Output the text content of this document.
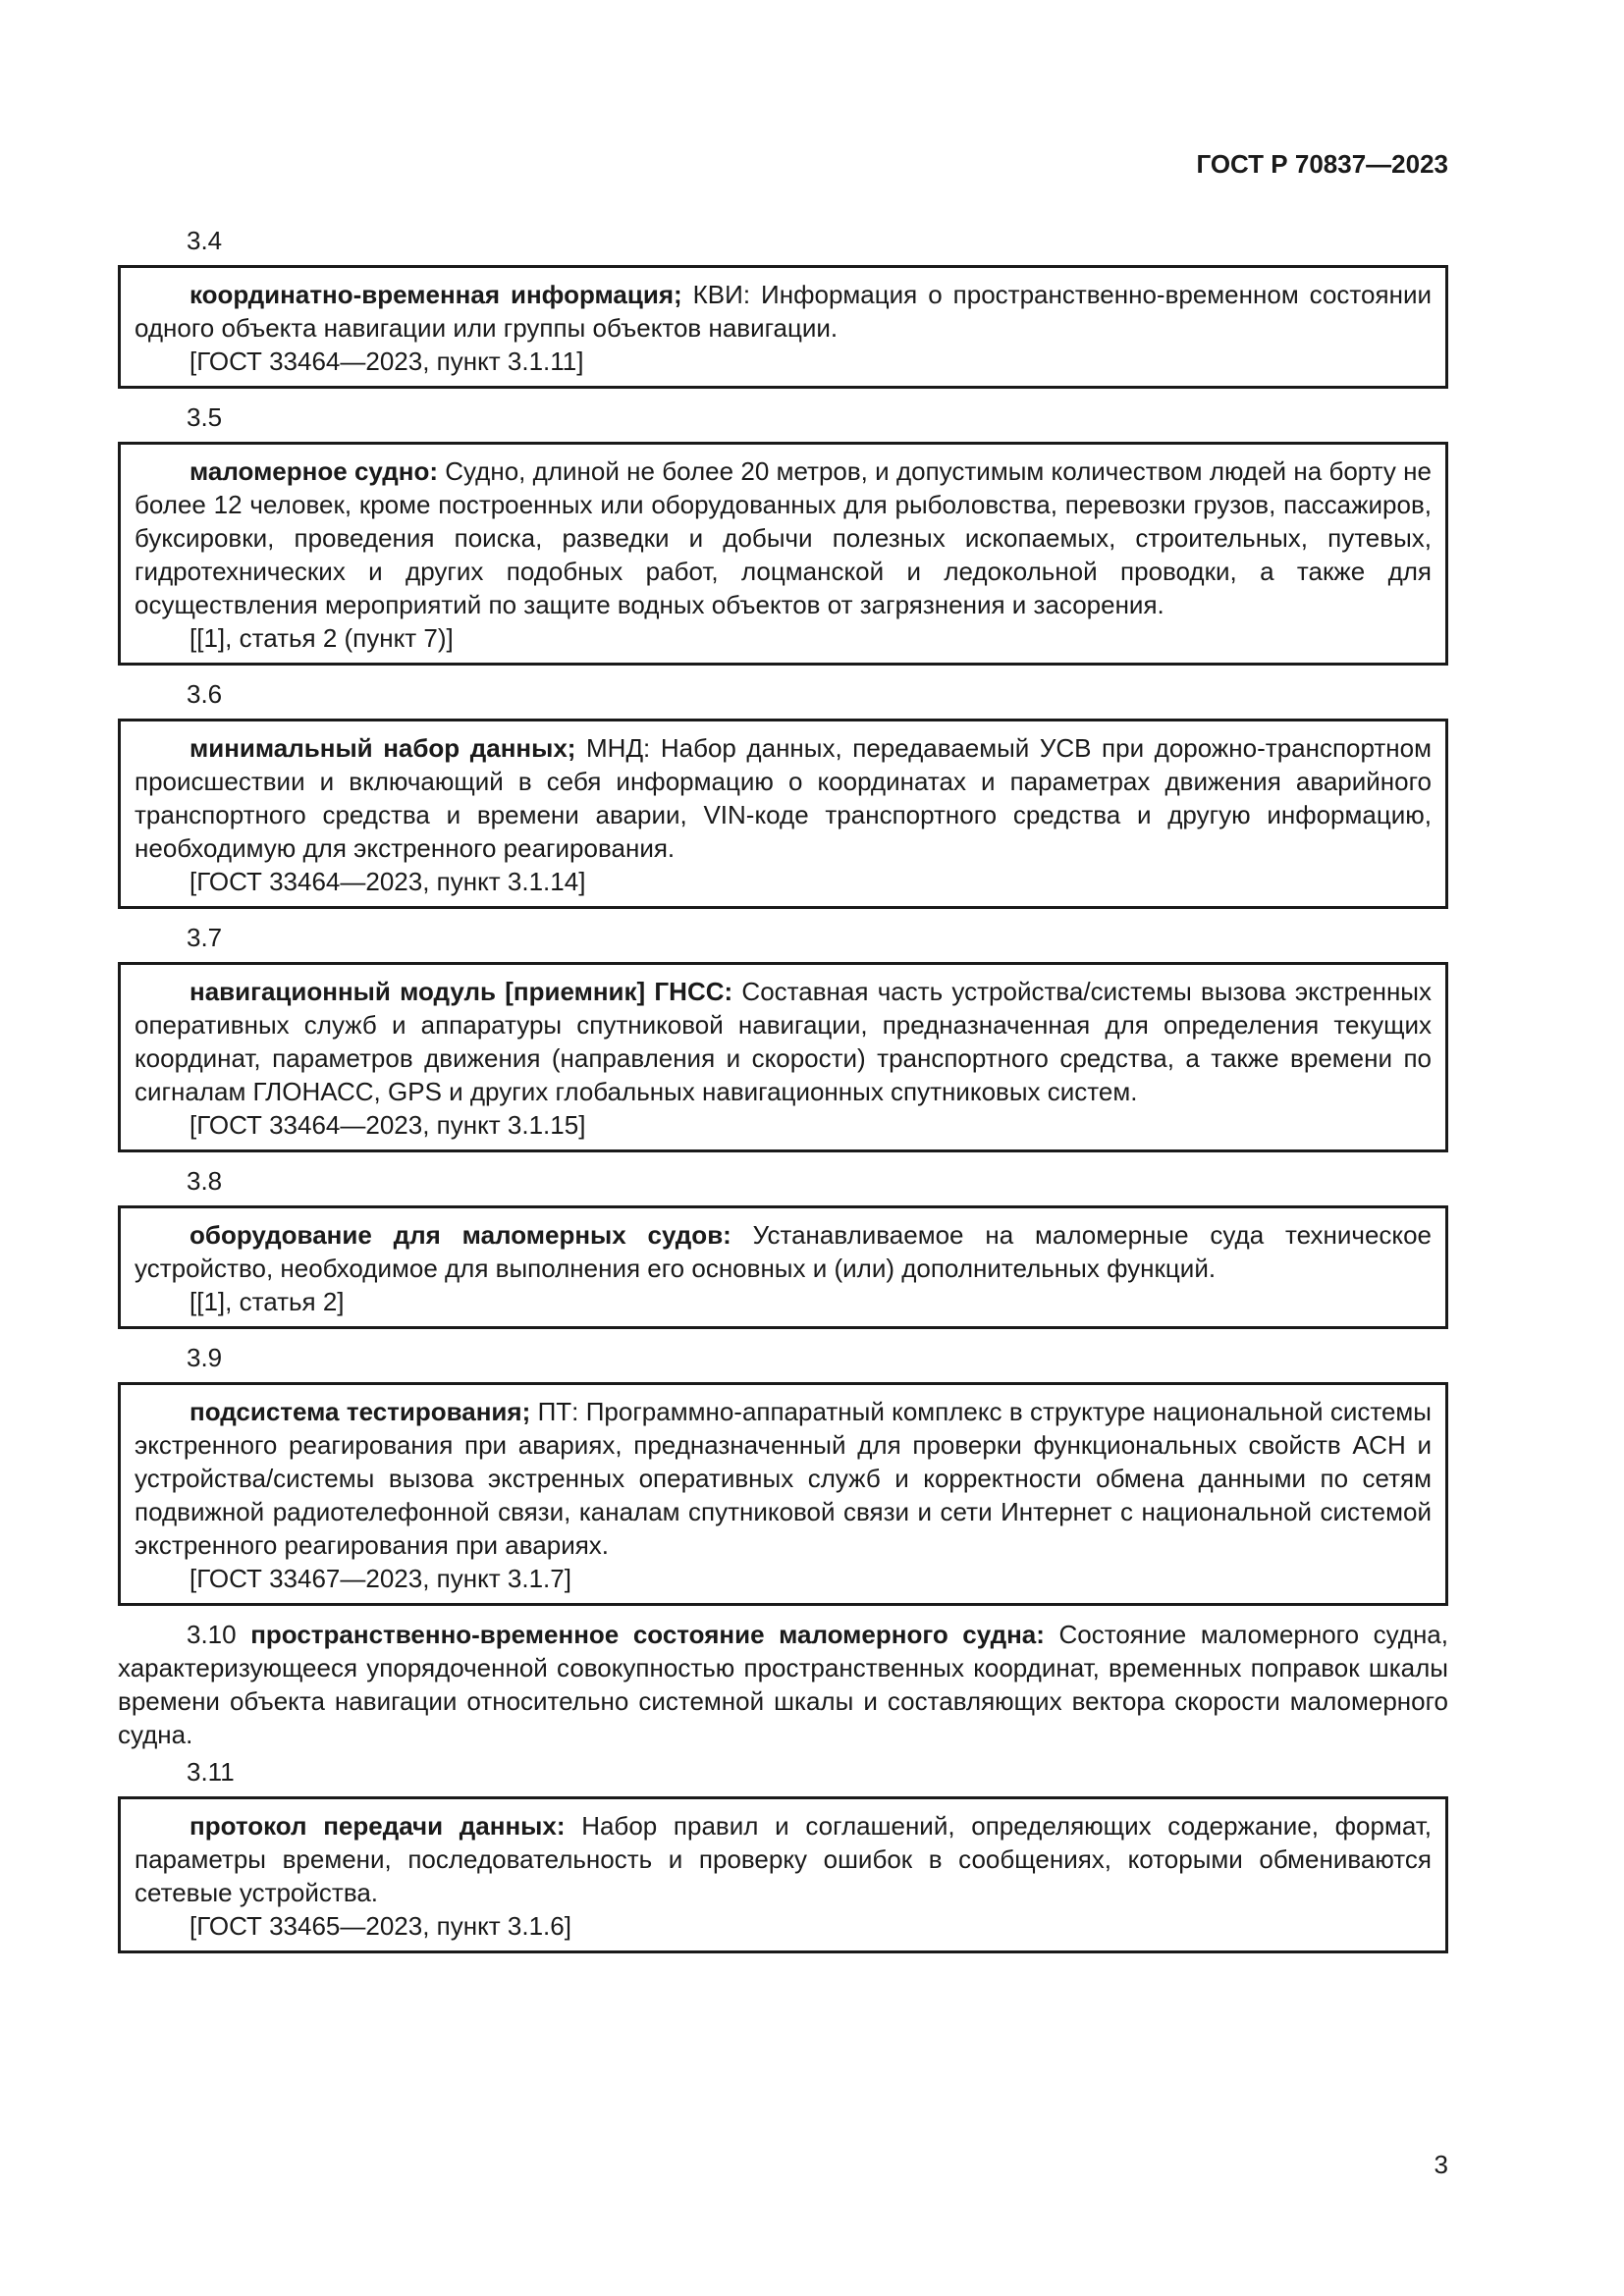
ГОСТ Р 70837—2023
3.4

координатно-временная информация; КВИ: Информация о пространственно-временном состоянии одного объекта навигации или группы объектов навигации.

[ГОСТ 33464—2023, пункт 3.1.11]

3.5

маломерное судно: Судно, длиной не более 20 метров, и допустимым количеством людей на борту не более 12 человек, кроме построенных или оборудованных для рыболовства, перевозки грузов, пассажиров, буксировки, проведения поиска, разведки и добычи полезных ископаемых, строительных, путевых, гидротехнических и других подобных работ, лоцманской и ледокольной проводки, а также для осуществления мероприятий по защите водных объектов от загрязнения и засорения.

[[1], статья 2 (пункт 7)]

3.6

минимальный набор данных; МНД: Набор данных, передаваемый УСВ при дорожно-транспортном происшествии и включающий в себя информацию о координатах и параметрах движения аварийного транспортного средства и времени аварии, VIN-коде транспортного средства и другую информацию, необходимую для экстренного реагирования.

[ГОСТ 33464—2023, пункт 3.1.14]

3.7

навигационный модуль [приемник] ГНСС: Составная часть устройства/системы вызова экстренных оперативных служб и аппаратуры спутниковой навигации, предназначенная для определения текущих координат, параметров движения (направления и скорости) транспортного средства, а также времени по сигналам ГЛОНАСС, GPS и других глобальных навигационных спутниковых систем.

[ГОСТ 33464—2023, пункт 3.1.15]

3.8

оборудование для маломерных судов: Устанавливаемое на маломерные суда техническое устройство, необходимое для выполнения его основных и (или) дополнительных функций.

[[1], статья 2]

3.9

подсистема тестирования; ПТ: Программно-аппаратный комплекс в структуре национальной системы экстренного реагирования при авариях, предназначенный для проверки функциональных свойств АСН и устройства/системы вызова экстренных оперативных служб и корректности обмена данными по сетям подвижной радиотелефонной связи, каналам спутниковой связи и сети Интернет с национальной системой экстренного реагирования при авариях.

[ГОСТ 33467—2023, пункт 3.1.7]

3.10 пространственно-временное состояние маломерного судна: Состояние маломерного судна, характеризующееся упорядоченной совокупностью пространственных координат, временных поправок шкалы времени объекта навигации относительно системной шкалы и составляющих вектора скорости маломерного судна.

3.11

протокол передачи данных: Набор правил и соглашений, определяющих содержание, формат, параметры времени, последовательность и проверку ошибок в сообщениях, которыми обмениваются сетевые устройства.

[ГОСТ 33465—2023, пункт 3.1.6]

3
